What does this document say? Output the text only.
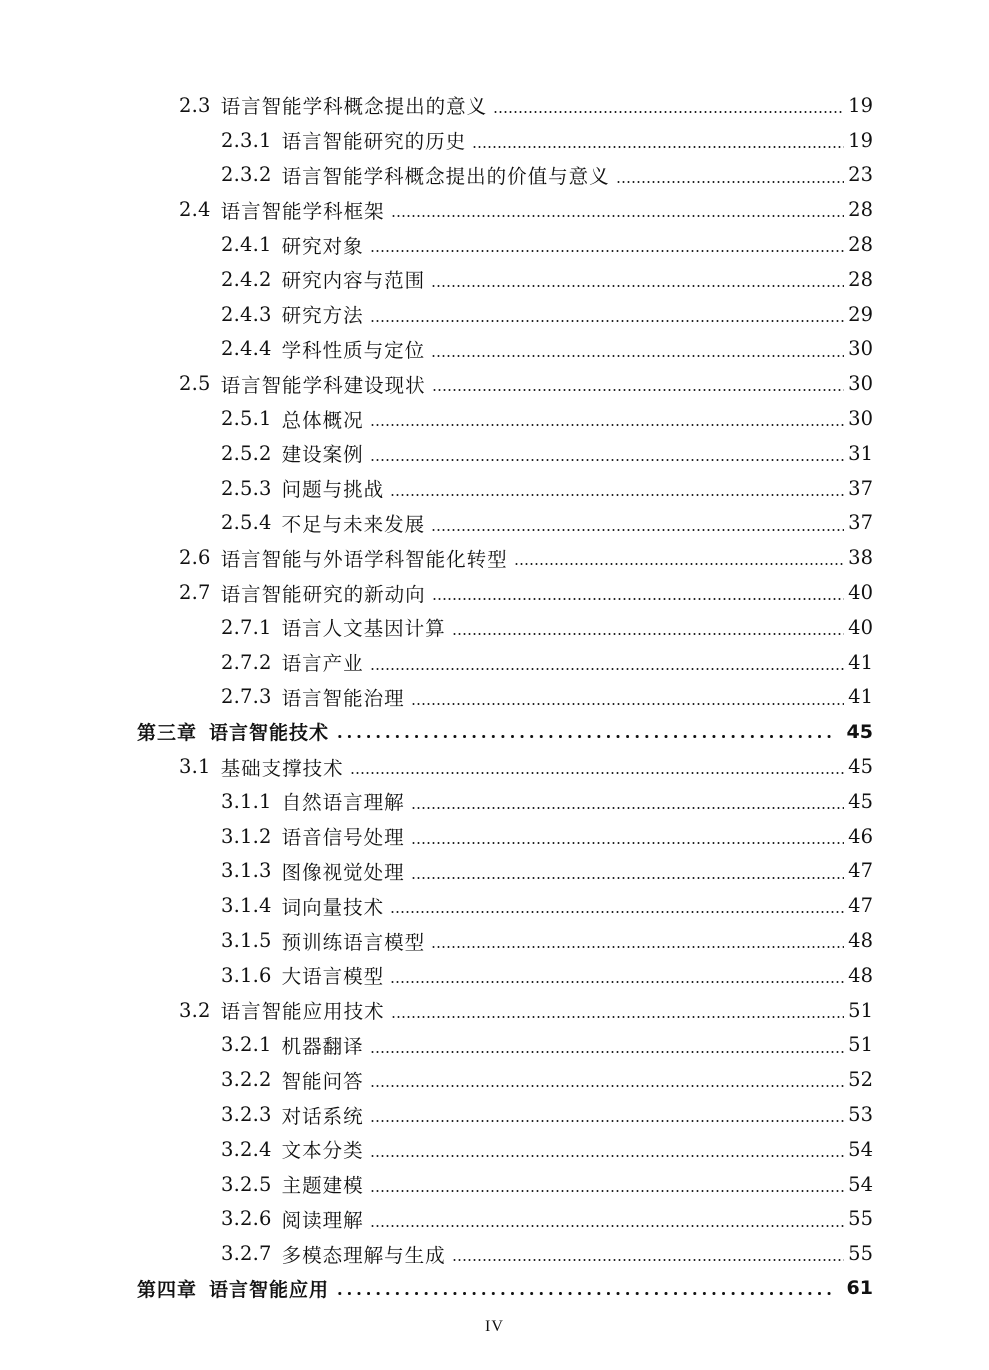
2.3 语言智能学科概念提出的意义	19
2.3.1 语言智能研究的历史	19
2.3.2 语言智能学科概念提出的价值与意义	23
2.4 语言智能学科框架	28
2.4.1 研究对象	28
2.4.2 研究内容与范围	28
2.4.3 研究方法	29
2.4.4 学科性质与定位	30
2.5 语言智能学科建设现状	30
2.5.1 总体概况	30
2.5.2 建设案例	31
2.5.3 问题与挑战	37
2.5.4 不足与未来发展	37
2.6 语言智能与外语学科智能化转型	38
2.7 语言智能研究的新动向	40
2.7.1 语言人文基因计算	40
2.7.2 语言产业	41
2.7.3 语言智能治理	41
第三章 语言智能技术	45
3.1 基础支撑技术	45
3.1.1 自然语言理解	45
3.1.2 语音信号处理	46
3.1.3 图像视觉处理	47
3.1.4 词向量技术	47
3.1.5 预训练语言模型	48
3.1.6 大语言模型	48
3.2 语言智能应用技术	51
3.2.1 机器翻译	51
3.2.2 智能问答	52
3.2.3 对话系统	53
3.2.4 文本分类	54
3.2.5 主题建模	54
3.2.6 阅读理解	55
3.2.7 多模态理解与生成	55
第四章 语言智能应用	61
IV
